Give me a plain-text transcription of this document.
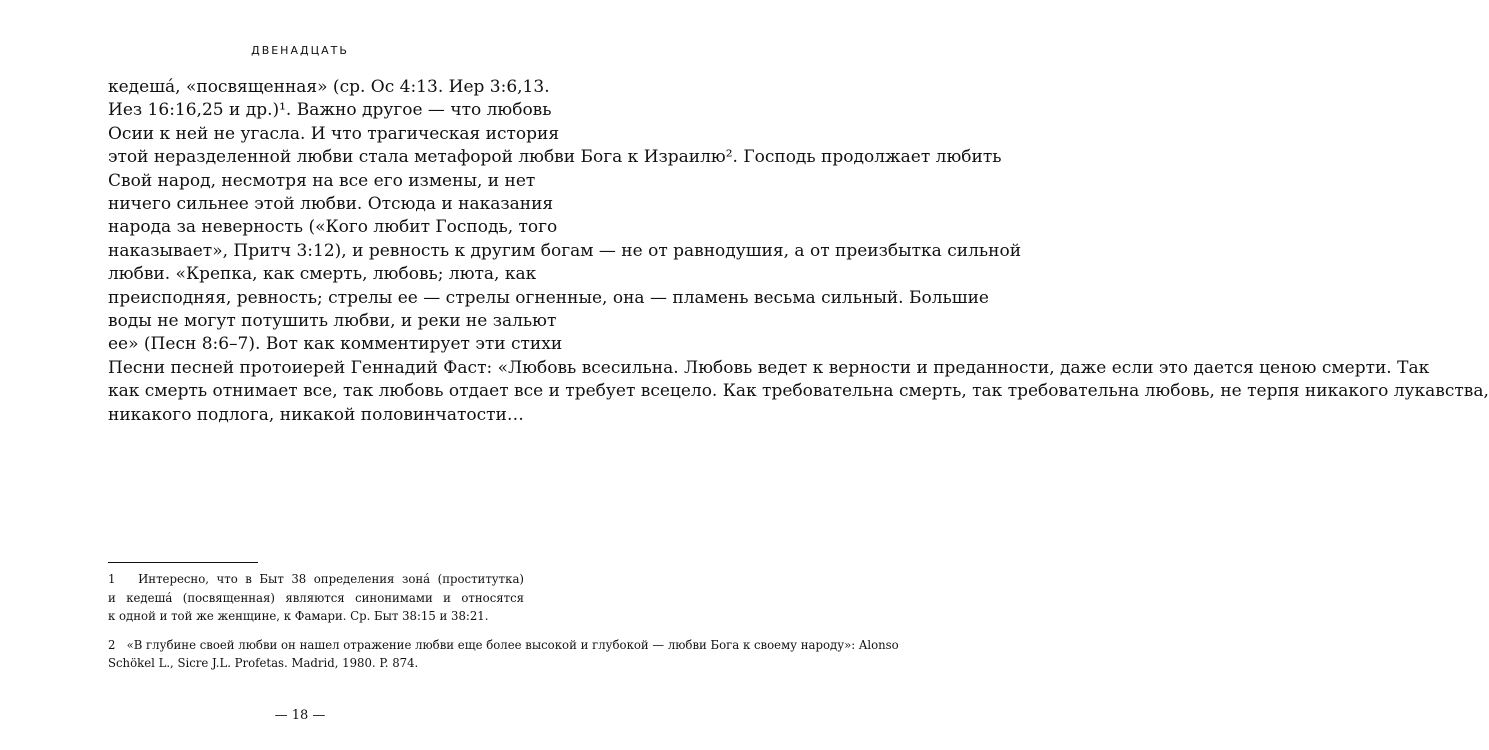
ДВЕНАДЦАТЬ
кедешá, «посвященная» (ср. Ос 4:13. Иер 3:6,13.
Иез 16:16,25 и др.)¹. Важно другое — что любовь
Осии к ней не угасла. И что трагическая история
этой неразделенной любви стала метафорой любви Бога к Израилю². Господь продолжает любить
Свой народ, несмотря на все его измены, и нет
ничего сильнее этой любви. Отсюда и наказания
народа за неверность («Кого любит Господь, того
наказывает», Притч 3:12), и ревность к другим богам — не от равнодушия, а от преизбытка сильной
любви. «Крепка, как смерть, любовь; люта, как
преисподняя, ревность; стрелы ее — стрелы огненные, она — пламень весьма сильный. Большие
воды не могут потушить любви, и реки не зальют
ее» (Песн 8:6–7). Вот как комментирует эти стихи
Песни песней протоиерей Геннадий Фаст: «Любовь всесильна. Любовь ведет к верности и преданности, даже если это дается ценою смерти. Так
как смерть отнимает все, так любовь отдает все и требует всецело. Как требовательна смерть, так требовательна любовь, не терпя никакого лукавства,
никакого подлога, никакой половинчатости…
1 Интересно, что в Быт 38 определения зонá (проститутка)
и кедешá (посвященная) являются синонимами и относятся
к одной и той же женщине, к Фамари. Ср. Быт 38:15 и 38:21.
2 «В глубине своей любви он нашел отражение любви еще более высокой и глубокой — любви Бога к своему народу»: Alonso
Schökel L., Sicre J.L. Profetas. Madrid, 1980. P. 874.
— 18 —
